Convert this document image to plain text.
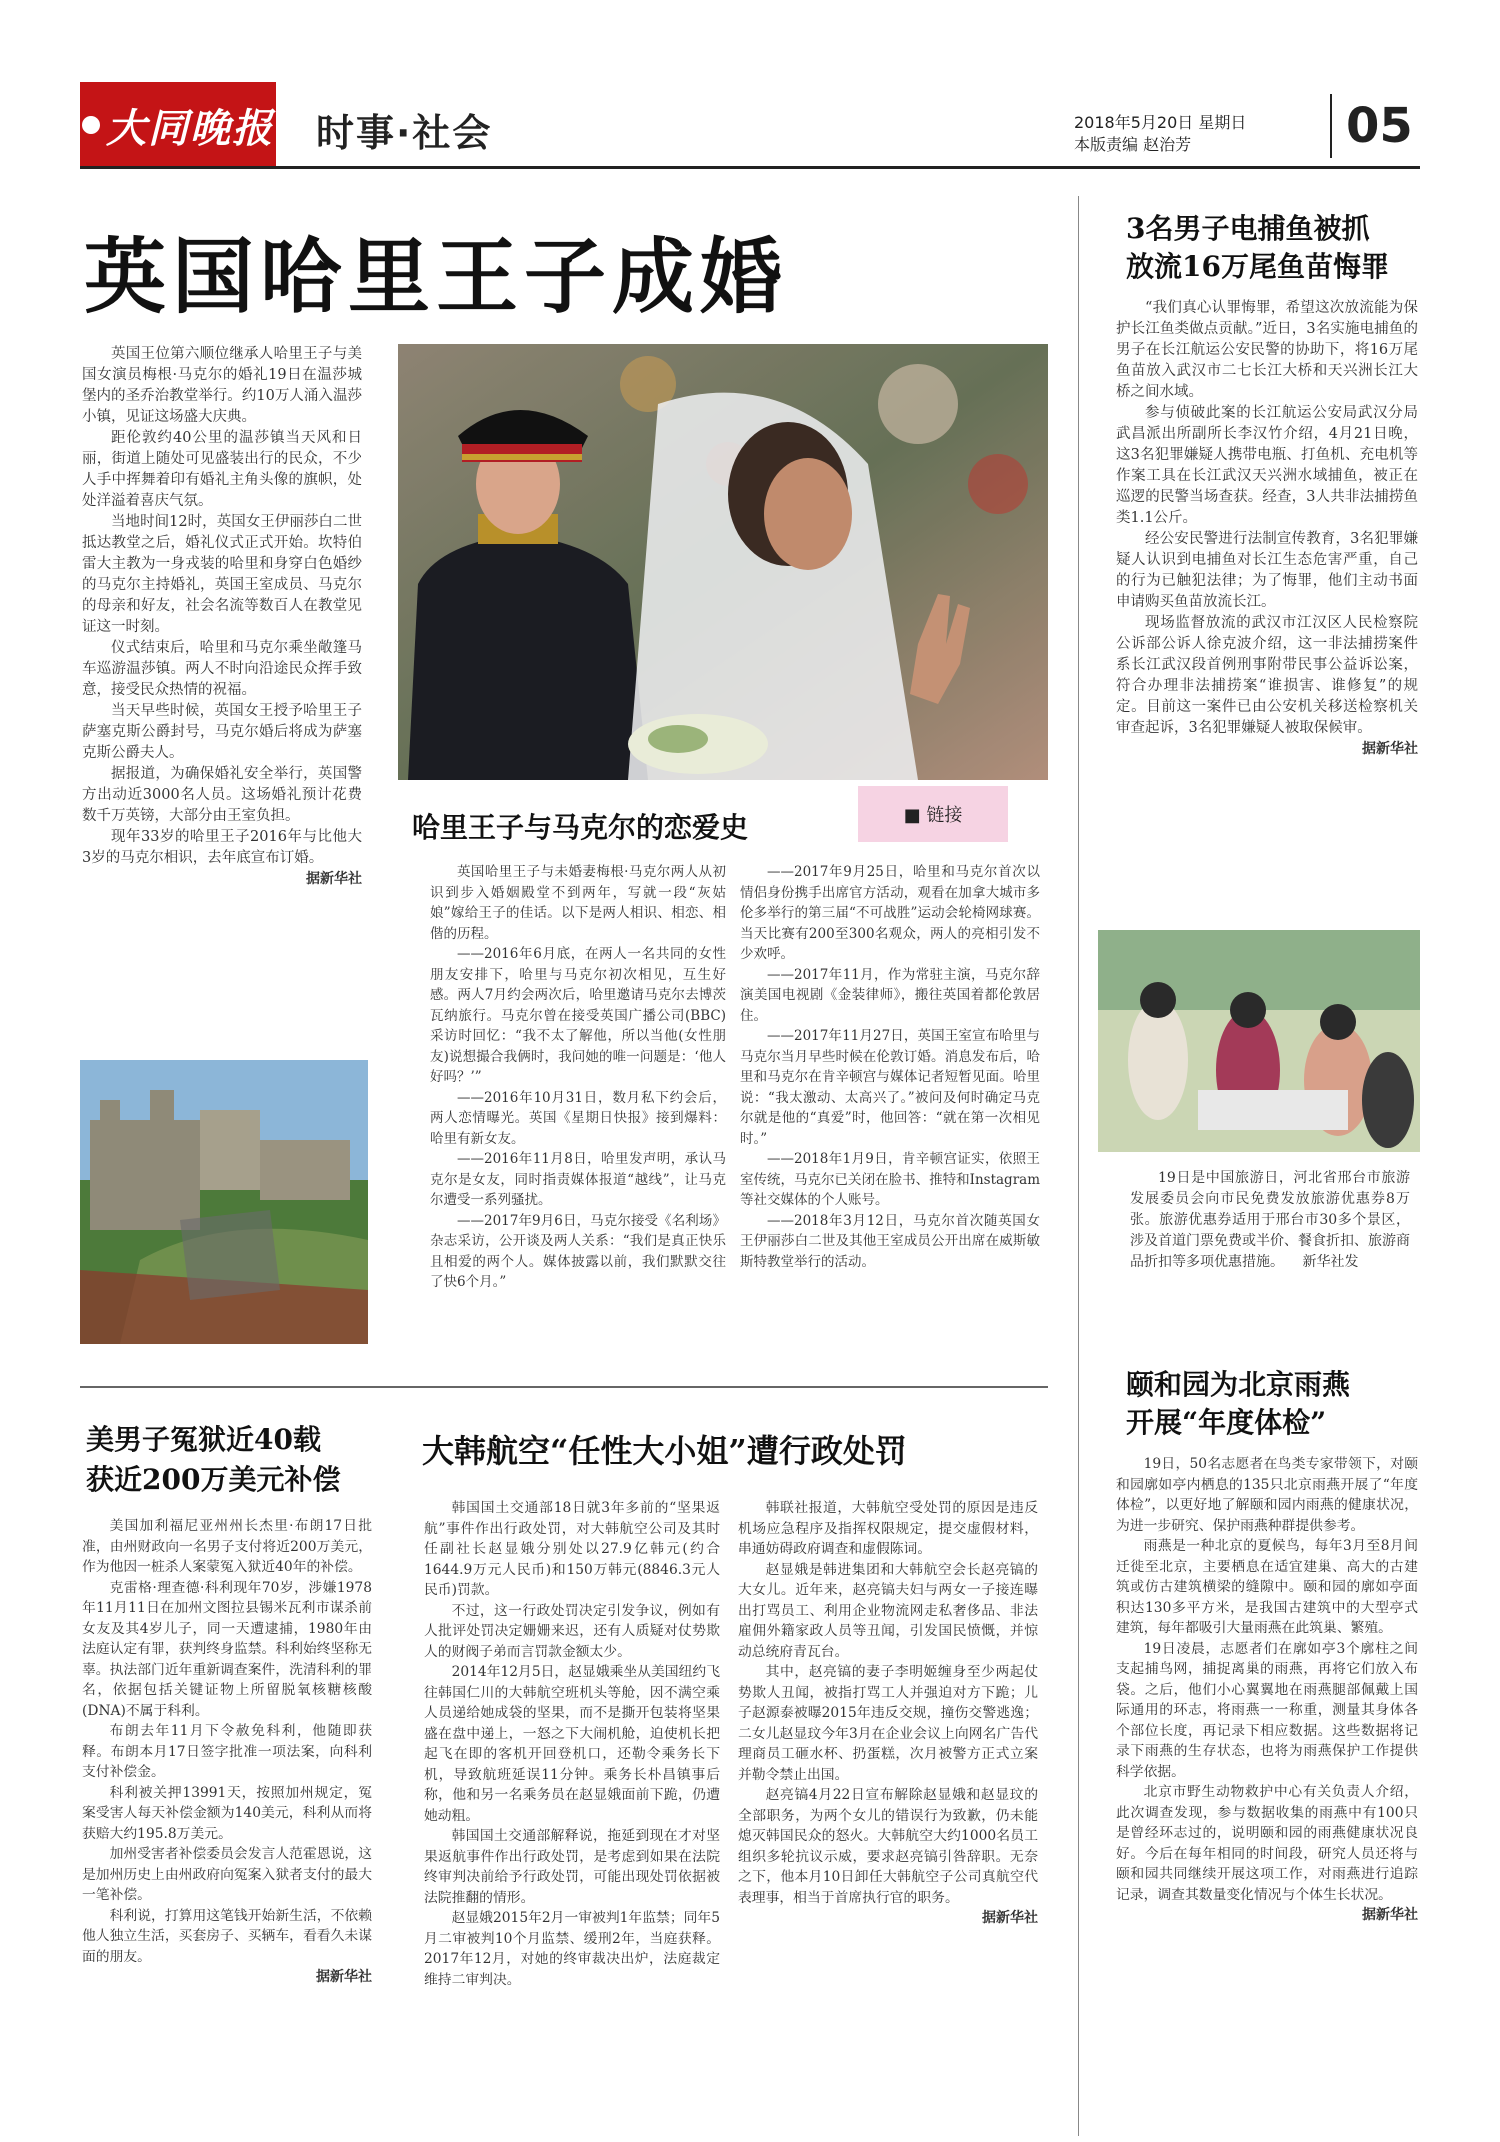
大同晚报 时事·社会	2018年5月20日 星期日
本版责编 赵治芳	05
英国哈里王子成婚

英国王位第六顺位继承人哈里王子与美国女演员梅根·马克尔的婚礼19日在温莎城堡内的圣乔治教堂举行。约10万人涌入温莎小镇，见证这场盛大庆典。

距伦敦约40公里的温莎镇当天风和日丽，街道上随处可见盛装出行的民众，不少人手中挥舞着印有婚礼主角头像的旗帜，处处洋溢着喜庆气氛。

当地时间12时，英国女王伊丽莎白二世抵达教堂之后，婚礼仪式正式开始。坎特伯雷大主教为一身戎装的哈里和身穿白色婚纱的马克尔主持婚礼，英国王室成员、马克尔的母亲和好友，社会名流等数百人在教堂见证这一时刻。

仪式结束后，哈里和马克尔乘坐敞篷马车巡游温莎镇。两人不时向沿途民众挥手致意，接受民众热情的祝福。

当天早些时候，英国女王授予哈里王子萨塞克斯公爵封号，马克尔婚后将成为萨塞克斯公爵夫人。

据报道，为确保婚礼安全举行，英国警方出动近3000名人员。这场婚礼预计花费数千万英镑，大部分由王室负担。

现年33岁的哈里王子2016年与比他大3岁的马克尔相识，去年底宣布订婚。

据新华社
哈里王子与马克尔的恋爱史	■ 链接

英国哈里王子与未婚妻梅根·马克尔两人从初识到步入婚姻殿堂不到两年，写就一段“灰姑娘”嫁给王子的佳话。以下是两人相识、相恋、相偕的历程。

——2016年6月底，在两人一名共同的女性朋友安排下，哈里与马克尔初次相见，互生好感。两人7月约会两次后，哈里邀请马克尔去博茨瓦纳旅行。马克尔曾在接受英国广播公司(BBC)采访时回忆：“我不太了解他，所以当他(女性朋友)说想撮合我俩时，我问她的唯一问题是：‘他人好吗？’”

——2016年10月31日，数月私下约会后，两人恋情曝光。英国《星期日快报》接到爆料：哈里有新女友。

——2016年11月8日，哈里发声明，承认马克尔是女友，同时指责媒体报道“越线”，让马克尔遭受一系列骚扰。

——2017年9月6日，马克尔接受《名利场》杂志采访，公开谈及两人关系：“我们是真正快乐且相爱的两个人。媒体披露以前，我们默默交往了快6个月。”

——2017年9月25日，哈里和马克尔首次以情侣身份携手出席官方活动，观看在加拿大城市多伦多举行的第三届“不可战胜”运动会轮椅网球赛。当天比赛有200至300名观众，两人的亮相引发不少欢呼。

——2017年11月，作为常驻主演，马克尔辞演美国电视剧《金装律师》，搬往英国着都伦敦居住。

——2017年11月27日，英国王室宣布哈里与马克尔当月早些时候在伦敦订婚。消息发布后，哈里和马克尔在肯辛顿宫与媒体记者短暂见面。哈里说：“我太激动、太高兴了。”被问及何时确定马克尔就是他的“真爱”时，他回答：“就在第一次相见时。”

——2018年1月9日，肯辛顿宫证实，依照王室传统，马克尔已关闭在脸书、推特和Instagram等社交媒体的个人账号。

——2018年3月12日，马克尔首次随英国女王伊丽莎白二世及其他王室成员公开出席在威斯敏斯特教堂举行的活动。

3名男子电捕鱼被抓
放流16万尾鱼苗悔罪

“我们真心认罪悔罪，希望这次放流能为保护长江鱼类做点贡献。”近日，3名实施电捕鱼的男子在长江航运公安民警的协助下，将16万尾鱼苗放入武汉市二七长江大桥和天兴洲长江大桥之间水域。

参与侦破此案的长江航运公安局武汉分局武昌派出所副所长李汉竹介绍，4月21日晚，这3名犯罪嫌疑人携带电瓶、打鱼机、充电机等作案工具在长江武汉天兴洲水域捕鱼，被正在巡逻的民警当场查获。经查，3人共非法捕捞鱼类1.1公斤。

经公安民警进行法制宣传教育，3名犯罪嫌疑人认识到电捕鱼对长江生态危害严重，自己的行为已触犯法律；为了悔罪，他们主动书面申请购买鱼苗放流长江。

现场监督放流的武汉市江汉区人民检察院公诉部公诉人徐克波介绍，这一非法捕捞案件系长江武汉段首例刑事附带民事公益诉讼案，符合办理非法捕捞案“谁损害、谁修复”的规定。目前这一案件已由公安机关移送检察机关审查起诉，3名犯罪嫌疑人被取保候审。

据新华社
19日是中国旅游日，河北省邢台市旅游发展委员会向市民免费发放旅游优惠券8万张。旅游优惠券适用于邢台市30多个景区，涉及首道门票免费或半价、餐食折扣、旅游商品折扣等多项优惠措施。 新华社发
颐和园为北京雨燕
开展“年度体检”

19日，50名志愿者在鸟类专家带领下，对颐和园廓如亭内栖息的135只北京雨燕开展了“年度体检”，以更好地了解颐和园内雨燕的健康状况，为进一步研究、保护雨燕种群提供参考。

雨燕是一种北京的夏候鸟，每年3月至8月间迁徙至北京，主要栖息在适宜建巢、高大的古建筑或仿古建筑横梁的缝隙中。颐和园的廓如亭面积达130多平方米，是我国古建筑中的大型亭式建筑，每年都吸引大量雨燕在此筑巢、繁殖。

19日凌晨，志愿者们在廓如亭3个廓柱之间支起捕鸟网，捕捉离巢的雨燕，再将它们放入布袋。之后，他们小心翼翼地在雨燕腿部佩戴上国际通用的环志，将雨燕一一称重，测量其身体各个部位长度，再记录下相应数据。这些数据将记录下雨燕的生存状态，也将为雨燕保护工作提供科学依据。

北京市野生动物救护中心有关负责人介绍，此次调查发现，参与数据收集的雨燕中有100只是曾经环志过的，说明颐和园的雨燕健康状况良好。今后在每年相同的时间段，研究人员还将与颐和园共同继续开展这项工作，对雨燕进行追踪记录，调查其数量变化情况与个体生长状况。

据新华社
美男子冤狱近40载
获近200万美元补偿

美国加利福尼亚州州长杰里·布朗17日批准，由州财政向一名男子支付将近200万美元，作为他因一桩杀人案蒙冤入狱近40年的补偿。

克雷格·理查德·科利现年70岁，涉嫌1978年11月11日在加州文图拉县锡米瓦利市谋杀前女友及其4岁儿子，同一天遭逮捕，1980年由法庭认定有罪，获判终身监禁。科利始终坚称无辜。执法部门近年重新调查案件，洗清科利的罪名，依据包括关键证物上所留脱氧核糖核酸(DNA)不属于科利。

布朗去年11月下令赦免科利，他随即获释。布朗本月17日签字批准一项法案，向科利支付补偿金。

科利被关押13991天，按照加州规定，冤案受害人每天补偿金额为140美元，科利从而将获赔大约195.8万美元。

加州受害者补偿委员会发言人范霍恩说，这是加州历史上由州政府向冤案入狱者支付的最大一笔补偿。

科利说，打算用这笔钱开始新生活，不依赖他人独立生活，买套房子、买辆车，看看久未谋面的朋友。

据新华社
大韩航空“任性大小姐”遭行政处罚

韩国国土交通部18日就3年多前的“坚果返航”事件作出行政处罚，对大韩航空公司及其时任副社长赵显娥分别处以27.9亿韩元(约合1644.9万元人民币)和150万韩元(8846.3元人民币)罚款。

不过，这一行政处罚决定引发争议，例如有人批评处罚决定姗姗来迟，还有人质疑对仗势欺人的财阀子弟而言罚款金额太少。

2014年12月5日，赵显娥乘坐从美国纽约飞往韩国仁川的大韩航空班机头等舱，因不满空乘人员递给她成袋的坚果，而不是撕开包装将坚果盛在盘中递上，一怒之下大闹机舱，迫使机长把起飞在即的客机开回登机口，还勒令乘务长下机，导致航班延误11分钟。乘务长朴昌镇事后称，他和另一名乘务员在赵显娥面前下跪，仍遭她动粗。

韩国国土交通部解释说，拖延到现在才对坚果返航事件作出行政处罚，是考虑到如果在法院终审判决前给予行政处罚，可能出现处罚依据被法院推翻的情形。

赵显娥2015年2月一审被判1年监禁；同年5月二审被判10个月监禁、缓刑2年，当庭获释。2017年12月，对她的终审裁决出炉，法庭裁定维持二审判决。

韩联社报道，大韩航空受处罚的原因是违反机场应急程序及指挥权限规定，提交虚假材料，串通妨碍政府调查和虚假陈词。

赵显娥是韩进集团和大韩航空会长赵亮镐的大女儿。近年来，赵亮镐夫妇与两女一子接连曝出打骂员工、利用企业物流网走私奢侈品、非法雇佣外籍家政人员等丑闻，引发国民愤慨，并惊动总统府青瓦台。

其中，赵亮镐的妻子李明姬缠身至少两起仗势欺人丑闻，被指打骂工人并强迫对方下跪；儿子赵源泰被曝2015年违反交规，撞伤交警逃逸；二女儿赵显玟今年3月在企业会议上向网名广告代理商员工砸水杯、扔蛋糕，次月被警方正式立案并勒令禁止出国。

赵亮镐4月22日宣布解除赵显娥和赵显玟的全部职务，为两个女儿的错误行为致歉，仍未能熄灭韩国民众的怒火。大韩航空大约1000名员工组织多轮抗议示威，要求赵亮镐引咎辞职。无奈之下，他本月10日卸任大韩航空子公司真航空代表理事，相当于首席执行官的职务。

据新华社
